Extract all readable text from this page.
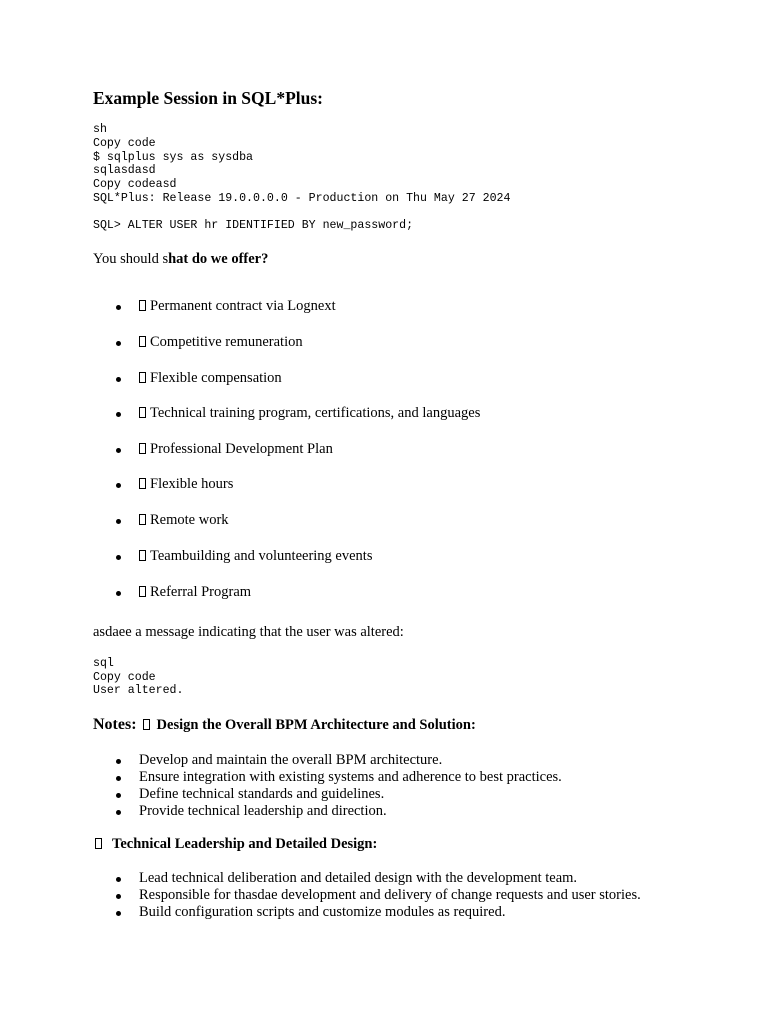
Example Session in SQL*Plus:
sh
Copy code
$ sqlplus sys as sysdba
sqlasdasd
Copy codeasd
SQL*Plus: Release 19.0.0.0.0 - Production on Thu May 27 2024
SQL> ALTER USER hr IDENTIFIED BY new_password;
You should shat do we offer?
Permanent contract via Lognext
Competitive remuneration
Flexible compensation
Technical training program, certifications, and languages
Professional Development Plan
Flexible hours
Remote work
Teambuilding and volunteering events
Referral Program
asdaee a message indicating that the user was altered:
sql
Copy code
User altered.
Notes: Design the Overall BPM Architecture and Solution:
Develop and maintain the overall BPM architecture.
Ensure integration with existing systems and adherence to best practices.
Define technical standards and guidelines.
Provide technical leadership and direction.
Technical Leadership and Detailed Design:
Lead technical deliberation and detailed design with the development team.
Responsible for thasdae development and delivery of change requests and user stories.
Build configuration scripts and customize modules as required.
